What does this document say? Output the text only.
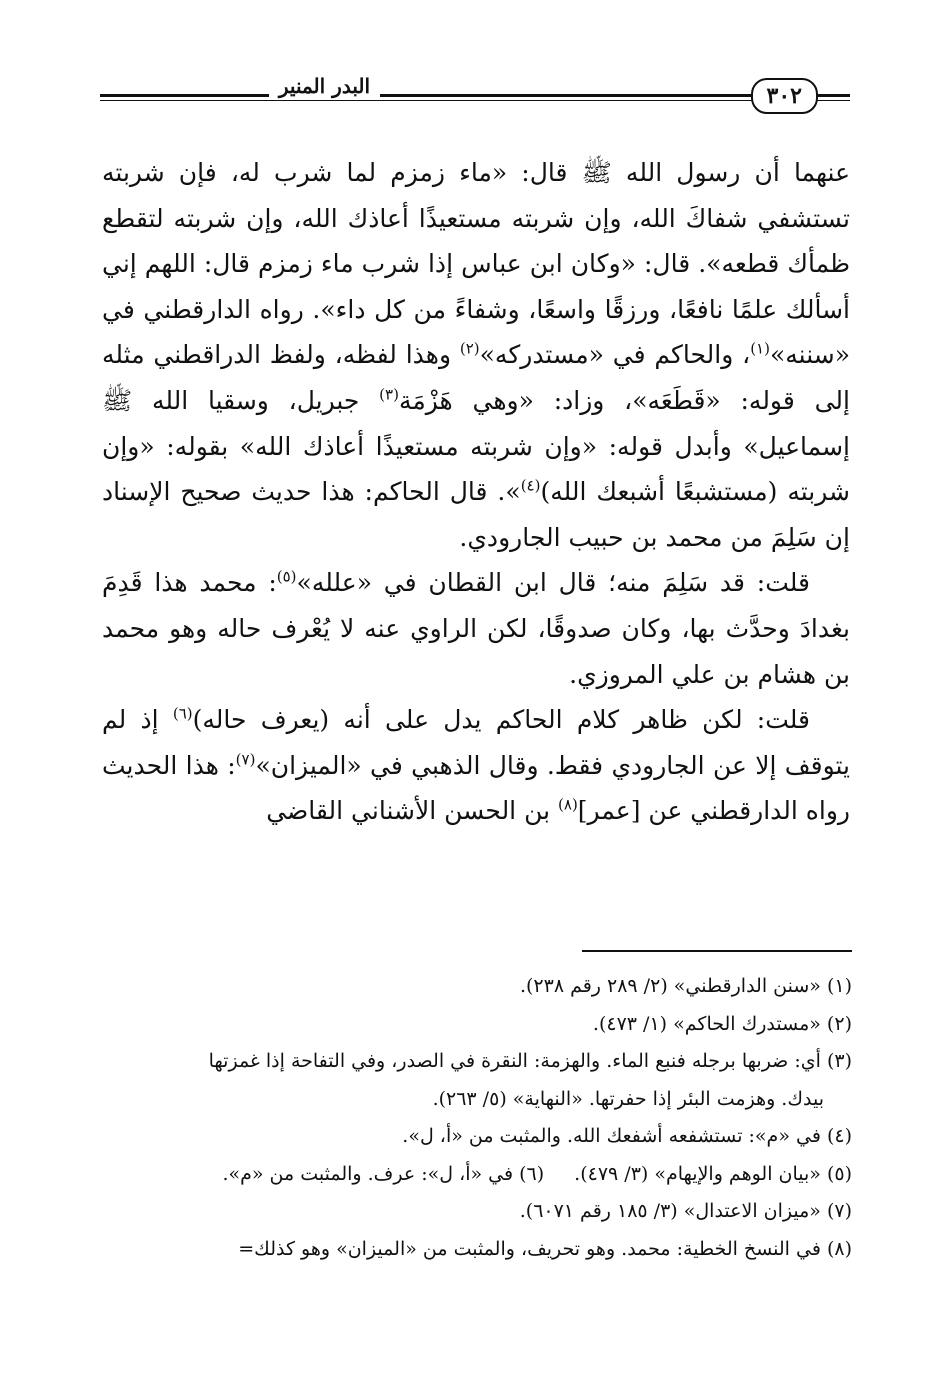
٣٠٢
البدر المنير

عنهما أن رسول الله ﷺ قال: «ماء زمزم لما شرب له، فإن شربته تستشفي شفاكَ الله، وإن شربته مستعيذًا أعاذك الله، وإن شربته لتقطع ظمأك قطعه». قال: «وكان ابن عباس إذا شرب ماء زمزم قال: اللهم إني أسألك علمًا نافعًا، ورزقًا واسعًا، وشفاءً من كل داء». رواه الدارقطني في «سننه»$^{(١)}$، والحاكم في «مستدركه»$^{(٢)}$ وهذا لفظه، ولفظ الدراقطني مثله إلى قوله: «قَطَعَه»، وزاد: «وهي هَزْمَة$^{(٣)}$ جبريل، وسقيا الله ﷺ إسماعيل» وأبدل قوله: «وإن شربته مستعيذًا أعاذك الله» بقوله: «وإن شربته (مستشبعًا أشبعك الله)$^{(٤)}$». قال الحاكم: هذا حديث صحيح الإسناد إن سَلِمَ من محمد بن حبيب الجارودي.

قلت: قد سَلِمَ منه؛ قال ابن القطان في «علله»$^{(٥)}$: محمد هذا قَدِمَ بغدادَ وحدَّث بها، وكان صدوقًا، لكن الراوي عنه لا يُعْرف حاله وهو محمد بن هشام بن علي المروزي.

قلت: لكن ظاهر كلام الحاكم يدل على أنه (يعرف حاله)$^{(٦)}$ إذ لم يتوقف إلا عن الجارودي فقط. وقال الذهبي في «الميزان»$^{(٧)}$: هذا الحديث رواه الدارقطني عن [عمر]$^{(٨)}$ بن الحسن الأشناني القاضي

(١) «سنن الدارقطني» (٢/ ٢٨٩ رقم ٢٣٨).

(٢) «مستدرك الحاكم» (١/ ٤٧٣).

(٣) أي: ضربها برجله فنبع الماء. والهزمة: النقرة في الصدر، وفي التفاحة إذا غمزتها

بيدك. وهزمت البئر إذا حفرتها. «النهاية» (٥/ ٢٦٣).

(٤) في «م»: تستشفعه أشفعك الله. والمثبت من «أ، ل».

(٥) «بيان الوهم والإيهام» (٣/ ٤٧٩).(٦) في «أ، ل»: عرف. والمثبت من «م».

(٧) «ميزان الاعتدال» (٣/ ١٨٥ رقم ٦٠٧١).

(٨) في النسخ الخطية: محمد. وهو تحريف، والمثبت من «الميزان» وهو كذلك=
